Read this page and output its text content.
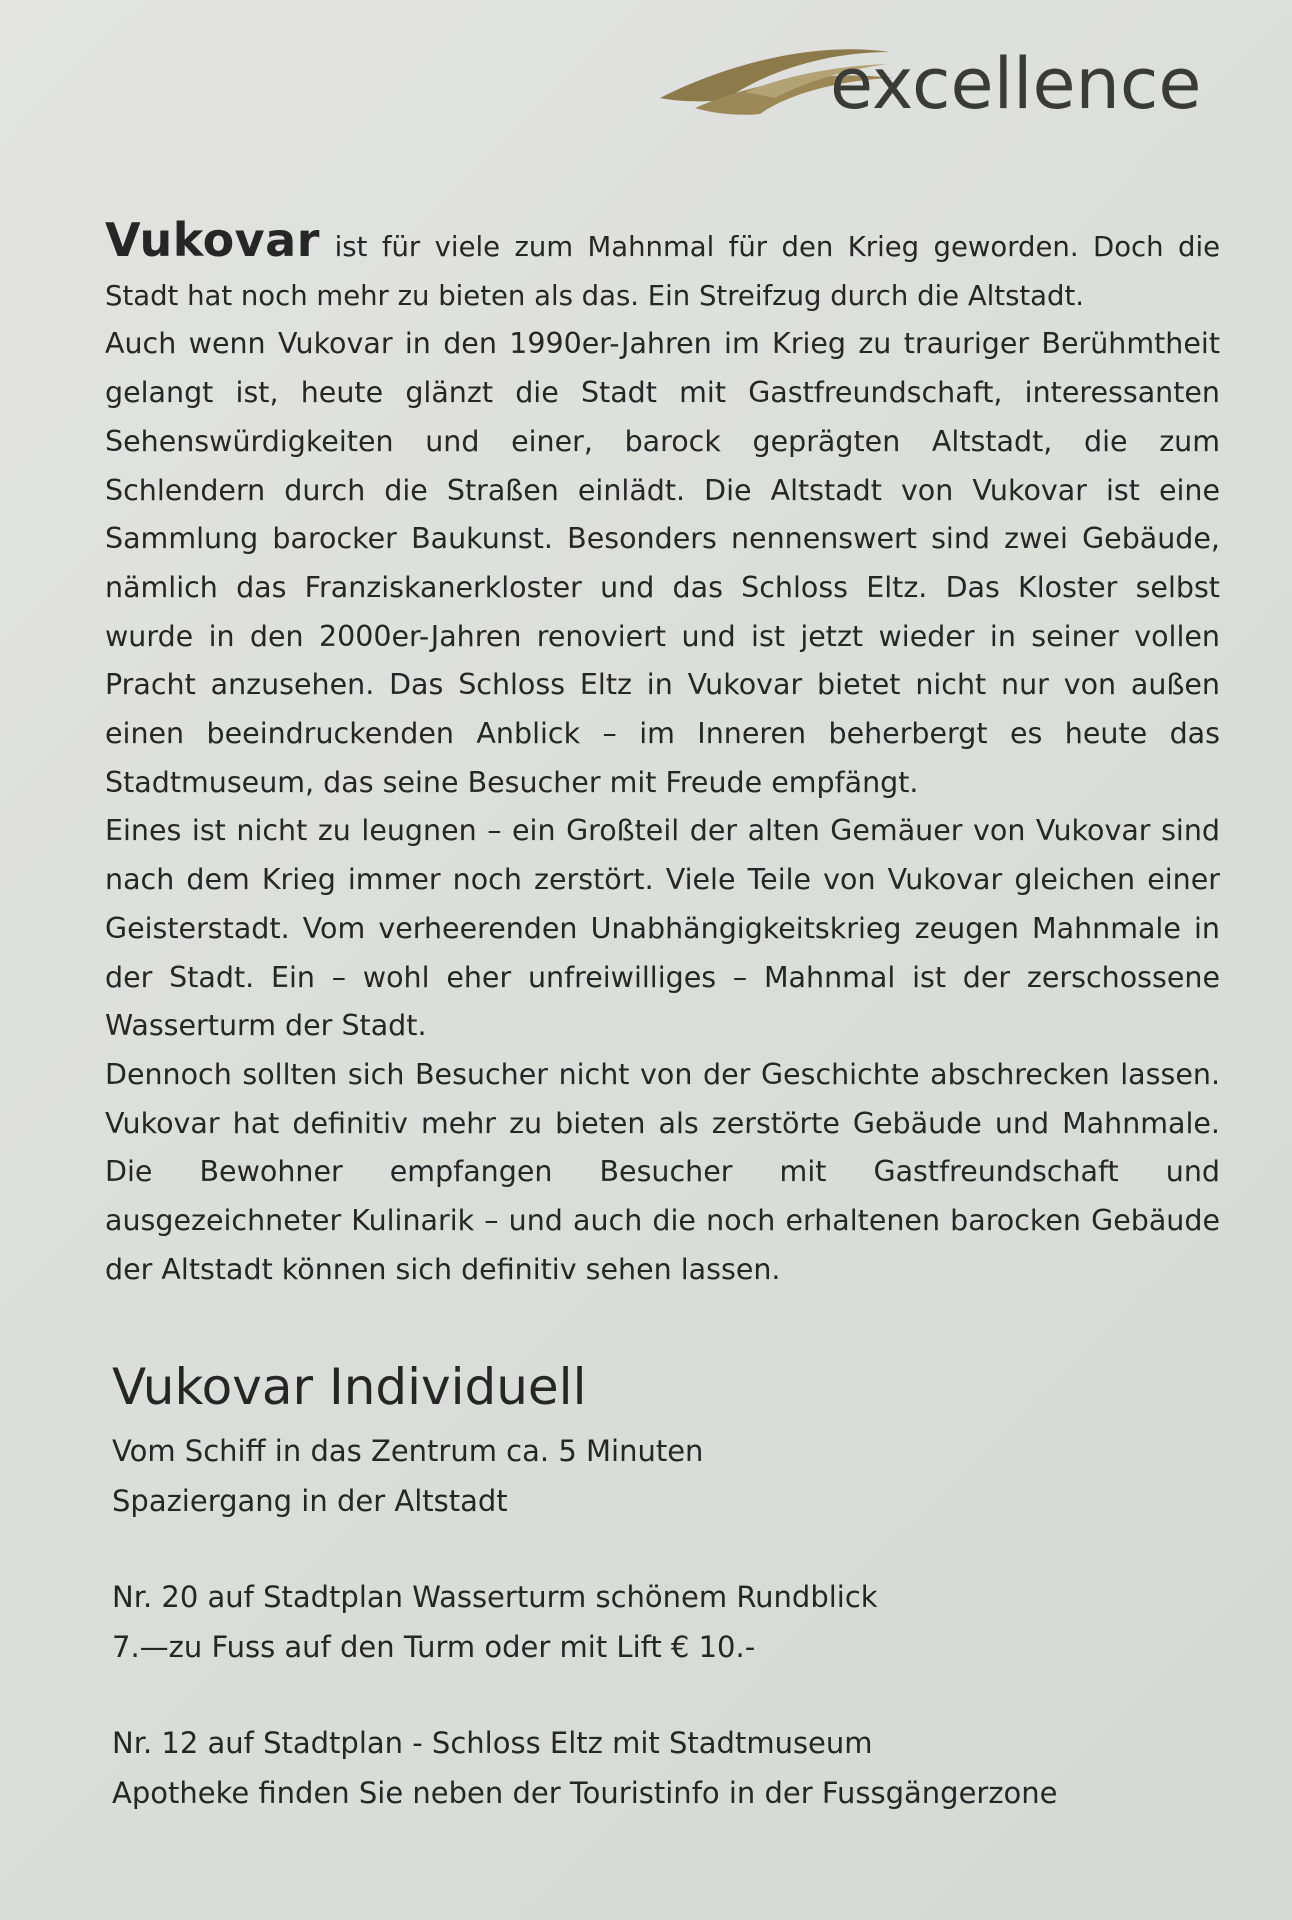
excellence
Vukovar ist für viele zum Mahnmal für den Krieg geworden. Doch die Stadt hat noch mehr zu bieten als das. Ein Streifzug durch die Altstadt.
Auch wenn Vukovar in den 1990er-Jahren im Krieg zu trauriger Berühmtheit gelangt ist, heute glänzt die Stadt mit Gastfreundschaft, interessanten Sehenswürdigkeiten und einer, barock geprägten Altstadt, die zum Schlendern durch die Straßen einlädt. Die Altstadt von Vukovar ist eine Sammlung barocker Baukunst. Besonders nennenswert sind zwei Gebäude, nämlich das Franziskanerkloster und das Schloss Eltz. Das Kloster selbst wurde in den 2000er-Jahren renoviert und ist jetzt wieder in seiner vollen Pracht anzusehen. Das Schloss Eltz in Vukovar bietet nicht nur von außen einen beeindruckenden Anblick – im Inneren beherbergt es heute das Stadtmuseum, das seine Besucher mit Freude empfängt.
Eines ist nicht zu leugnen – ein Großteil der alten Gemäuer von Vukovar sind nach dem Krieg immer noch zerstört. Viele Teile von Vukovar gleichen einer Geisterstadt. Vom verheerenden Unabhängigkeitskrieg zeugen Mahnmale in der Stadt. Ein – wohl eher unfreiwilliges – Mahnmal ist der zerschossene Wasserturm der Stadt.
Dennoch sollten sich Besucher nicht von der Geschichte abschrecken lassen. Vukovar hat definitiv mehr zu bieten als zerstörte Gebäude und Mahnmale. Die Bewohner empfangen Besucher mit Gastfreundschaft und ausgezeichneter Kulinarik – und auch die noch erhaltenen barocken Gebäude der Altstadt können sich definitiv sehen lassen.
Vukovar Individuell
Vom Schiff in das Zentrum ca. 5 Minuten
Spaziergang in der Altstadt
Nr. 20 auf Stadtplan Wasserturm schönem Rundblick
7.—zu Fuss auf den Turm oder mit Lift € 10.-
Nr. 12 auf Stadtplan - Schloss Eltz mit Stadtmuseum
Apotheke finden Sie neben der Touristinfo in der Fussgängerzone
